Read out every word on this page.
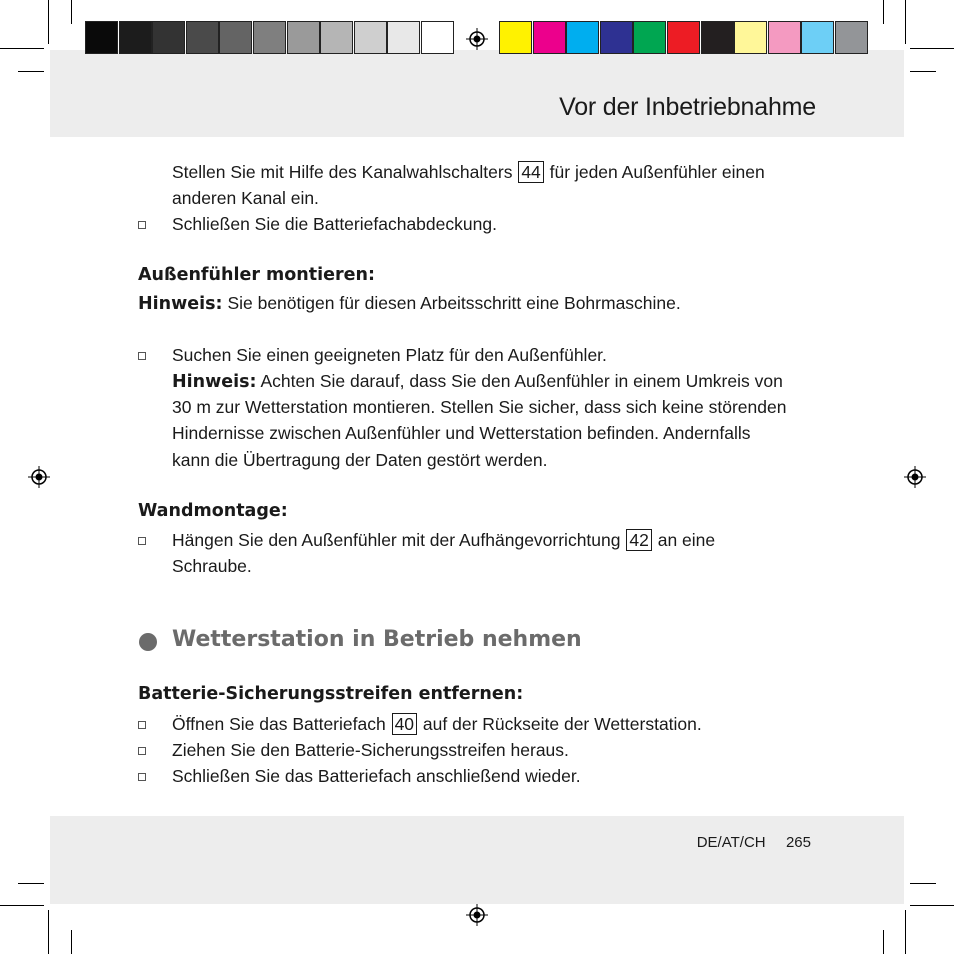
Vor der Inbetriebnahme
Stellen Sie mit Hilfe des Kanalwahlschalters 44 für jeden Außenfühler einen
anderen Kanal ein.
Schließen Sie die Batteriefachabdeckung.
Außenfühler montieren:
Hinweis: Sie benötigen für diesen Arbeitsschritt eine Bohrmaschine.
Suchen Sie einen geeigneten Platz für den Außenfühler.
Hinweis: Achten Sie darauf, dass Sie den Außenfühler in einem Umkreis von
30 m zur Wetterstation montieren. Stellen Sie sicher, dass sich keine störenden
Hindernisse zwischen Außenfühler und Wetterstation befinden. Andernfalls
kann die Übertragung der Daten gestört werden.
Wandmontage:
Hängen Sie den Außenfühler mit der Aufhängevorrichtung 42 an eine
Schraube.
Wetterstation in Betrieb nehmen
Batterie-Sicherungsstreifen entfernen:
Öffnen Sie das Batteriefach 40 auf der Rückseite der Wetterstation.
Ziehen Sie den Batterie-Sicherungsstreifen heraus.
Schließen Sie das Batteriefach anschließend wieder.
DE/AT/CH 265
